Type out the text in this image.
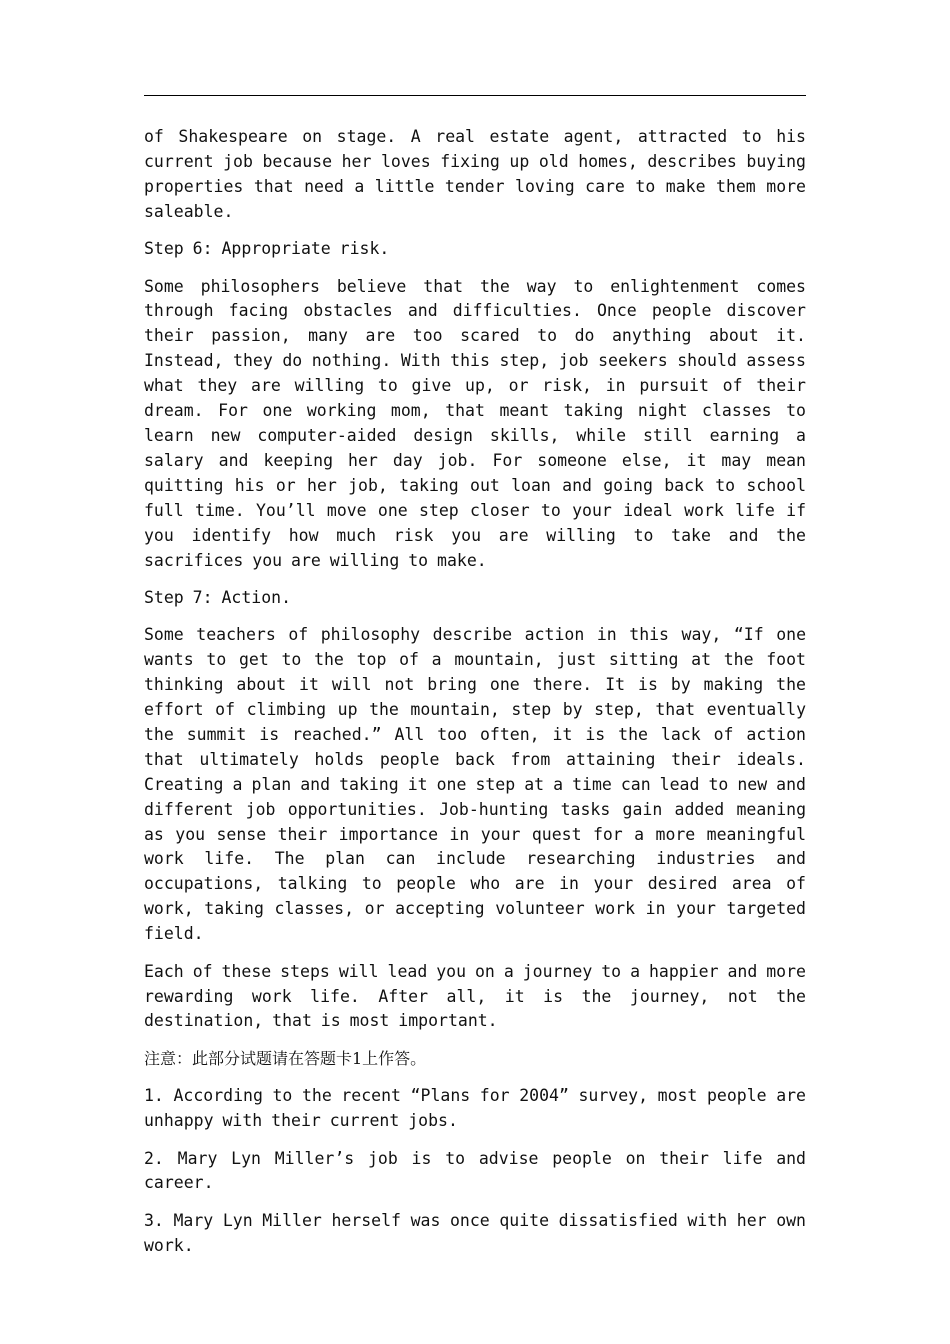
of Shakespeare on stage. A real estate agent, attracted to his current job because her loves fixing up old homes, describes buying properties that need a little tender loving care to make them more saleable.

Step 6: Appropriate risk.

Some philosophers believe that the way to enlightenment comes through facing obstacles and difficulties. Once people discover their passion, many are too scared to do anything about it. Instead, they do nothing. With this step, job seekers should assess what they are willing to give up, or risk, in pursuit of their dream. For one working mom, that meant taking night classes to learn new computer-aided design skills, while still earning a salary and keeping her day job. For someone else, it may mean quitting his or her job, taking out loan and going back to school full time. You’ll move one step closer to your ideal work life if you identify how much risk you are willing to take and the sacrifices you are willing to make.

Step 7: Action.

Some teachers of philosophy describe action in this way, “If one wants to get to the top of a mountain, just sitting at the foot thinking about it will not bring one there. It is by making the effort of climbing up the mountain, step by step, that eventually the summit is reached.” All too often, it is the lack of action that ultimately holds people back from attaining their ideals. Creating a plan and taking it one step at a time can lead to new and different job opportunities. Job-hunting tasks gain added meaning as you sense their importance in your quest for a more meaningful work life. The plan can include researching industries and occupations, talking to people who are in your desired area of work, taking classes, or accepting volunteer work in your targeted field.

Each of these steps will lead you on a journey to a happier and more rewarding work life. After all, it is the journey, not the destination, that is most important.

注意：此部分试题请在答题卡1上作答。

1. According to the recent “Plans for 2004” survey, most people are unhappy with their current jobs.

2. Mary Lyn Miller’s job is to advise people on their life and career.

3. Mary Lyn Miller herself was once quite dissatisfied with her own work.
